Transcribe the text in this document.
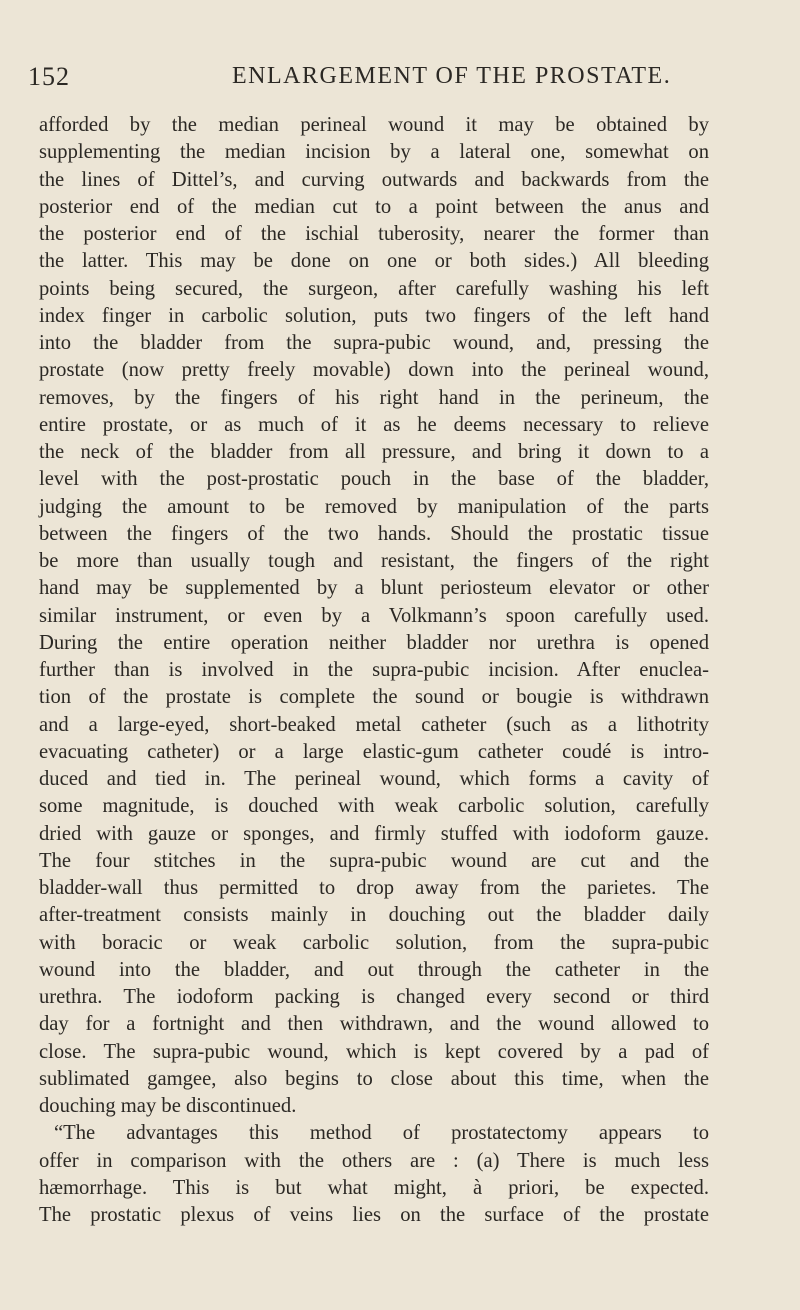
152	ENLARGEMENT OF THE PROSTATE.
afforded by the median perineal wound it may be obtained by
supplementing the median incision by a lateral one, somewhat on
the lines of Dittel’s, and curving outwards and backwards from the
posterior end of the median cut to a point between the anus and
the posterior end of the ischial tuberosity, nearer the former than
the latter. This may be done on one or both sides.) All bleeding
points being secured, the surgeon, after carefully washing his left
index finger in carbolic solution, puts two fingers of the left hand
into the bladder from the supra-pubic wound, and, pressing the
prostate (now pretty freely movable) down into the perineal wound,
removes, by the fingers of his right hand in the perineum, the
entire prostate, or as much of it as he deems necessary to relieve
the neck of the bladder from all pressure, and bring it down to a
level with the post-prostatic pouch in the base of the bladder,
judging the amount to be removed by manipulation of the parts
between the fingers of the two hands. Should the prostatic tissue
be more than usually tough and resistant, the fingers of the right
hand may be supplemented by a blunt periosteum elevator or other
similar instrument, or even by a Volkmann’s spoon carefully used.
During the entire operation neither bladder nor urethra is opened
further than is involved in the supra-pubic incision. After enuclea-
tion of the prostate is complete the sound or bougie is withdrawn
and a large-eyed, short-beaked metal catheter (such as a lithotrity
evacuating catheter) or a large elastic-gum catheter coudé is intro-
duced and tied in. The perineal wound, which forms a cavity of
some magnitude, is douched with weak carbolic solution, carefully
dried with gauze or sponges, and firmly stuffed with iodoform gauze.
The four stitches in the supra-pubic wound are cut and the
bladder-wall thus permitted to drop away from the parietes. The
after-treatment consists mainly in douching out the bladder daily
with boracic or weak carbolic solution, from the supra-pubic
wound into the bladder, and out through the catheter in the
urethra. The iodoform packing is changed every second or third
day for a fortnight and then withdrawn, and the wound allowed to
close. The supra-pubic wound, which is kept covered by a pad of
sublimated gamgee, also begins to close about this time, when the
douching may be discontinued.
“The advantages this method of prostatectomy appears to
offer in comparison with the others are : (a) There is much less
hæmorrhage. This is but what might, à priori, be expected.
The prostatic plexus of veins lies on the surface of the prostate
